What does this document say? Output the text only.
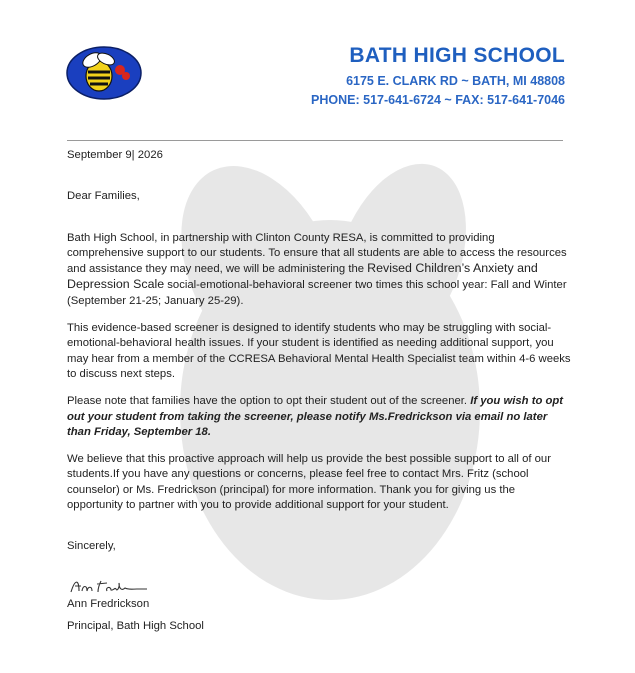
BATH HIGH SCHOOL
6175 E. CLARK RD ~ BATH, MI 48808
PHONE: 517-641-6724 ~ FAX: 517-641-7046

September 9| 2026

Dear Families,

Bath High School, in partnership with Clinton County RESA, is committed to providing comprehensive support to our students. To ensure that all students are able to access the resources and assistance they may need, we will be administering the Revised Children’s Anxiety and Depression Scale social-emotional-behavioral screener two times this school year: Fall and Winter (September 21-25; January 25-29).

This evidence-based screener is designed to identify students who may be struggling with social-emotional-behavioral health issues. If your student is identified as needing additional support, you may hear from a member of the CCRESA Behavioral Mental Health Specialist team within 4-6 weeks to discuss next steps.

Please note that families have the option to opt their student out of the screener. If you wish to opt out your student from taking the screener, please notify Ms.Fredrickson via email no later than Friday, September 18.

We believe that this proactive approach will help us provide the best possible support to all of our students.If you have any questions or concerns, please feel free to contact Mrs. Fritz (school counselor) or Ms. Fredrickson (principal) for more information. Thank you for giving us the opportunity to partner with you to provide additional support for your student.

Sincerely,

Ann Fredrickson

Principal, Bath High School
